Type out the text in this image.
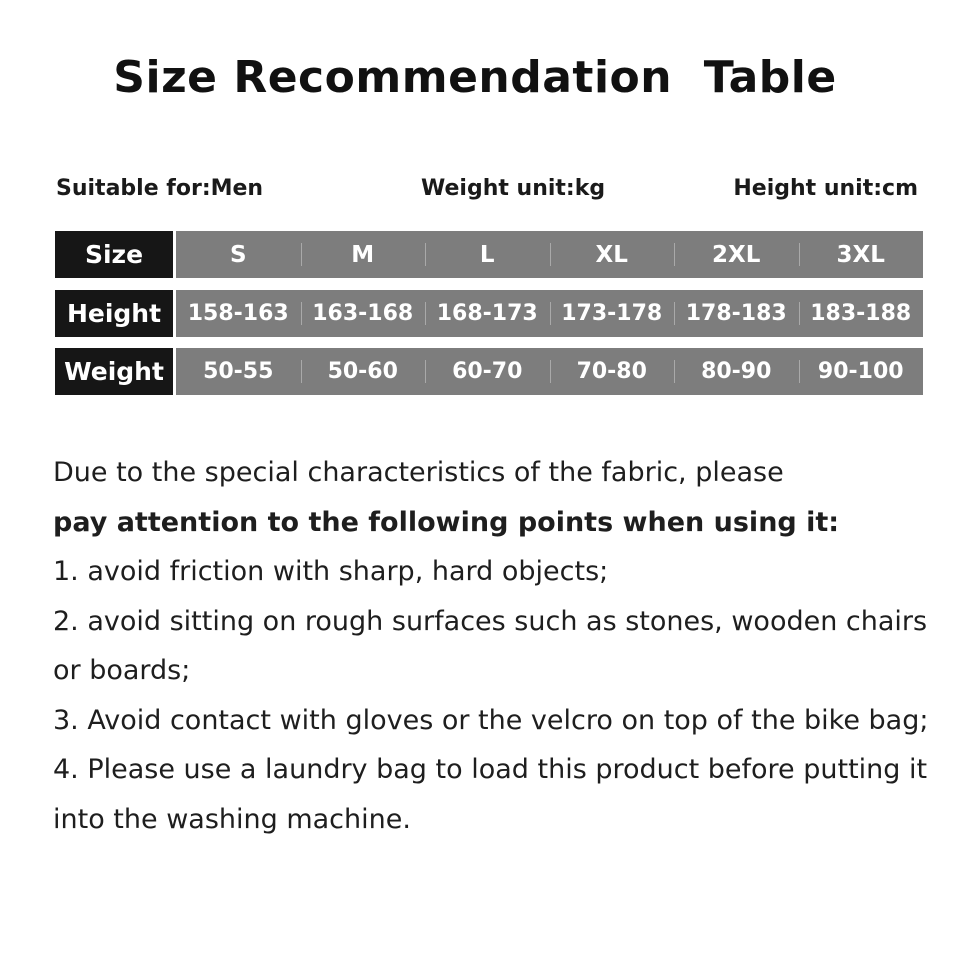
Size Recommendation  Table
Suitable for:Men	Weight unit:kg	Height unit:cm
Size	S	M	L	XL	2XL	3XL
Height	158-163	163-168	168-173	173-178	178-183	183-188
Weight	50-55	50-60	60-70	70-80	80-90	90-100

Due to the special characteristics of the fabric, please

pay attention to the following points when using it:

1. avoid friction with sharp, hard objects;

2. avoid sitting on rough surfaces such as stones, wooden chairs or boards;

3. Avoid contact with gloves or the velcro on top of the bike bag;

4. Please use a laundry bag to load this product before putting it into the washing machine.
